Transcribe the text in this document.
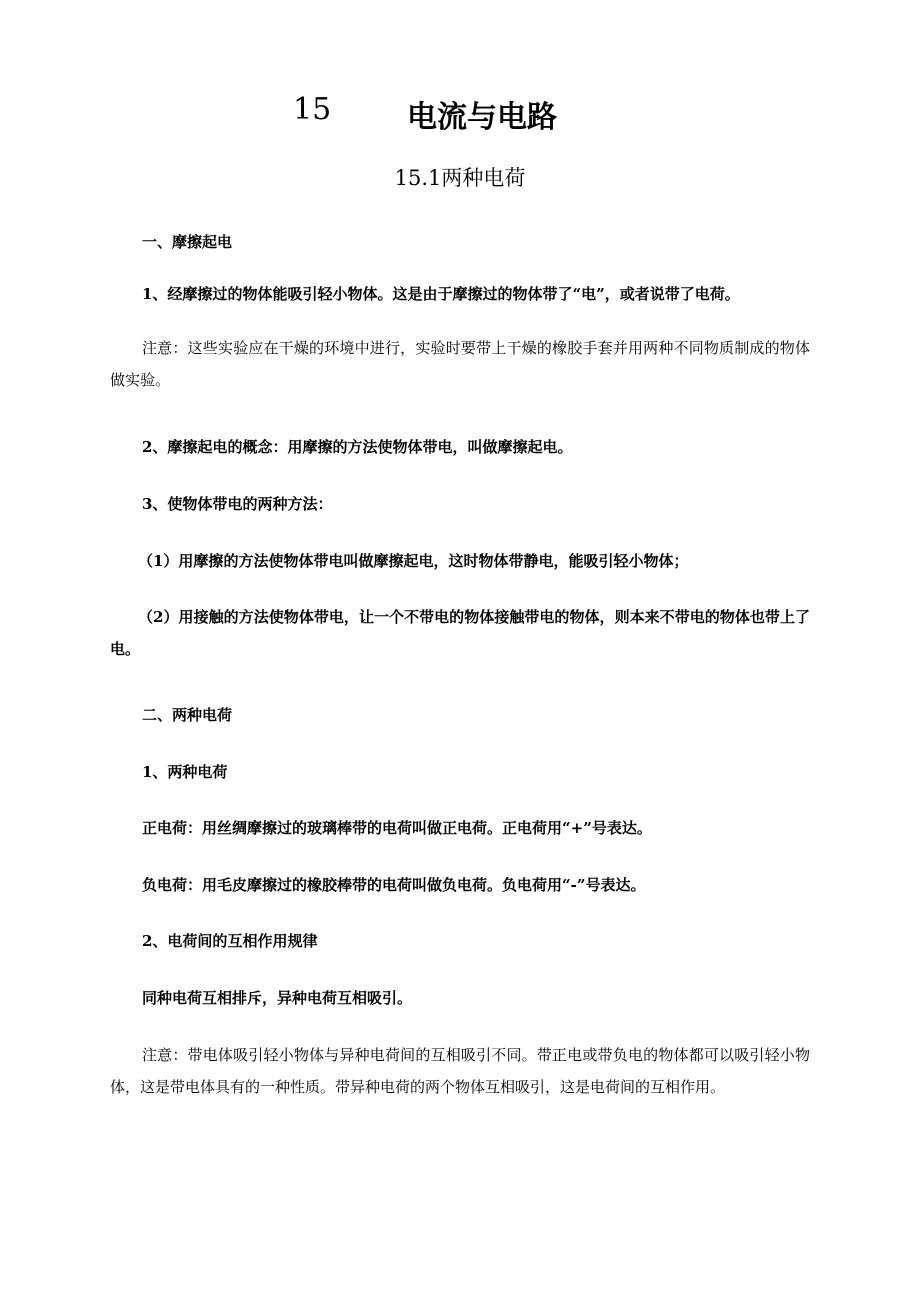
15	电流与电路
15.1两种电荷
一、摩擦起电
1、经摩擦过的物体能吸引轻小物体。这是由于摩擦过的物体带了“电”，或者说带了电荷。
注意：这些实验应在干燥的环境中进行，实验时要带上干燥的橡胶手套并用两种不同物质制成的物体做实验。
2、摩擦起电的概念：用摩擦的方法使物体带电，叫做摩擦起电。
3、使物体带电的两种方法：
（1）用摩擦的方法使物体带电叫做摩擦起电，这时物体带静电，能吸引轻小物体；
（2）用接触的方法使物体带电，让一个不带电的物体接触带电的物体，则本来不带电的物体也带上了电。
二、两种电荷
1、两种电荷
正电荷：用丝绸摩擦过的玻璃棒带的电荷叫做正电荷。正电荷用“+”号表达。
负电荷：用毛皮摩擦过的橡胶棒带的电荷叫做负电荷。负电荷用“-”号表达。
2、电荷间的互相作用规律
同种电荷互相排斥，异种电荷互相吸引。
注意：带电体吸引轻小物体与异种电荷间的互相吸引不同。带正电或带负电的物体都可以吸引轻小物体，这是带电体具有的一种性质。带异种电荷的两个物体互相吸引，这是电荷间的互相作用。
